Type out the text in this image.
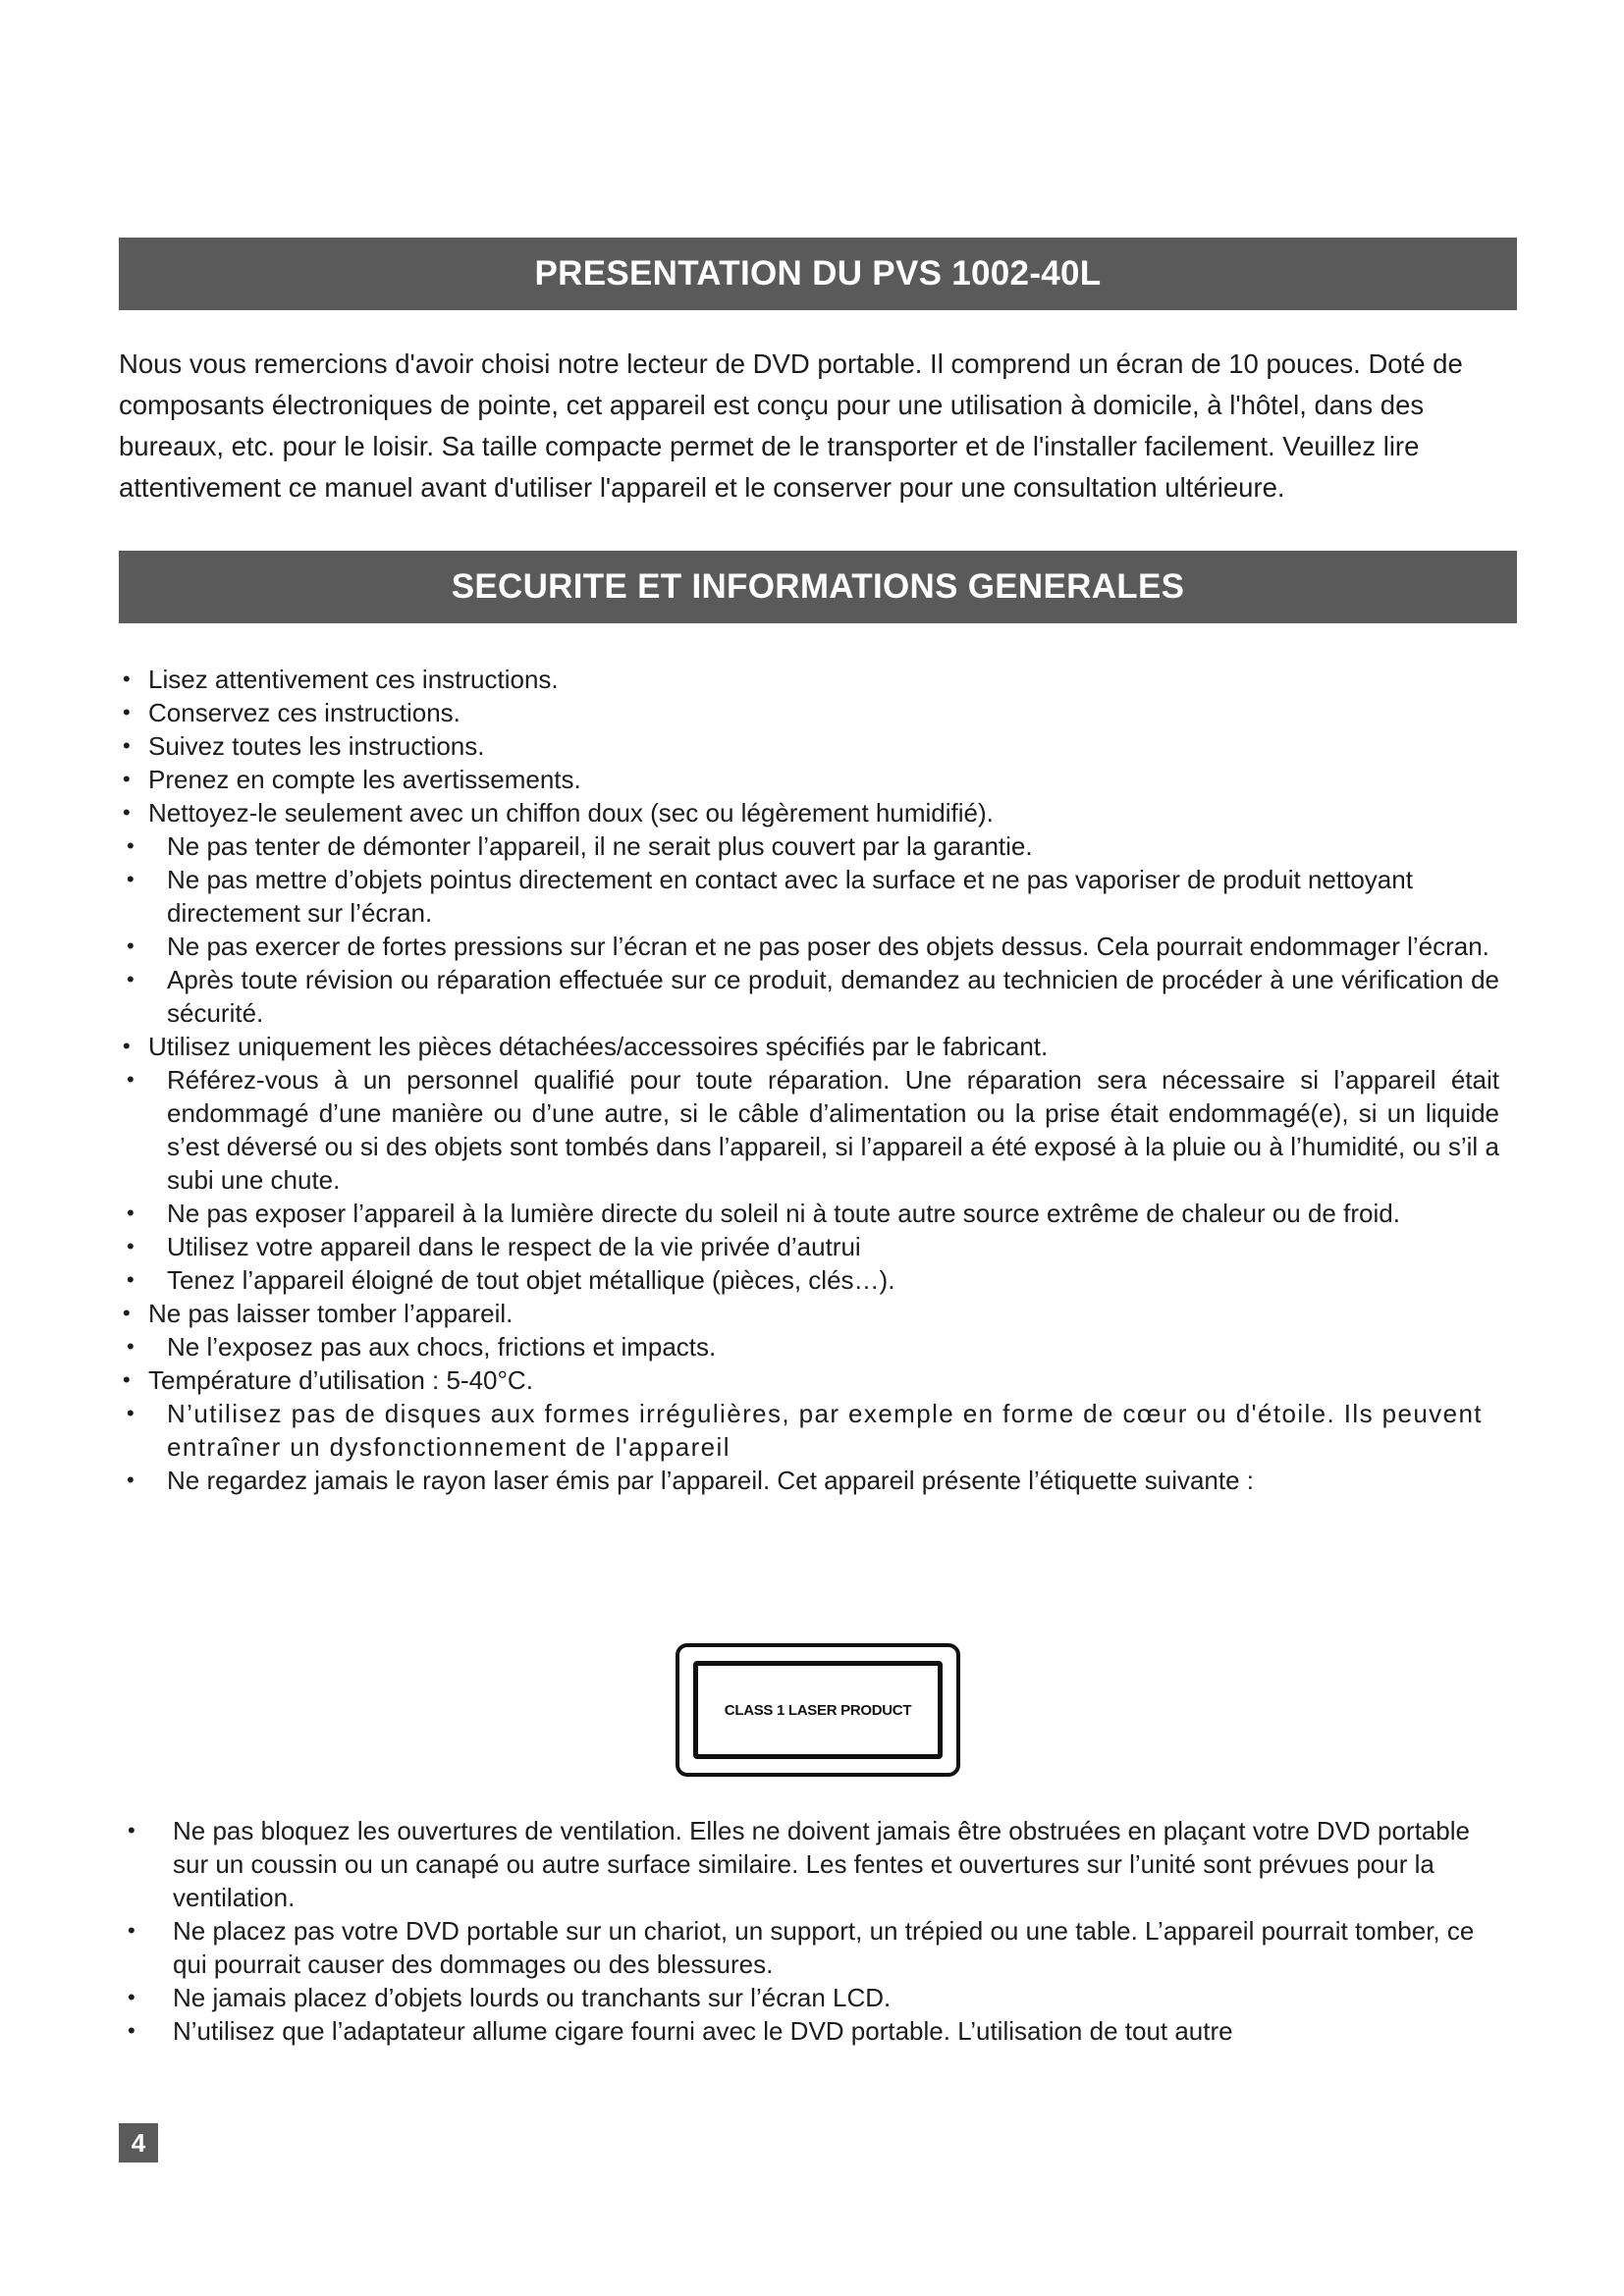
PRESENTATION DU PVS 1002-40L

Nous vous remercions d'avoir choisi notre lecteur de DVD portable. Il comprend un écran de 10 pouces. Doté de composants électroniques de pointe, cet appareil est conçu pour une utilisation à domicile, à l'hôtel, dans des bureaux, etc. pour le loisir. Sa taille compacte permet de le transporter et de l'installer facilement. Veuillez lire attentivement ce manuel avant d'utiliser l'appareil et le conserver pour une consultation ultérieure.

SECURITE ET INFORMATIONS GENERALES
• Lisez attentivement ces instructions.
• Conservez ces instructions.
• Suivez toutes les instructions.
• Prenez en compte les avertissements.
• Nettoyez-le seulement avec un chiffon doux (sec ou légèrement humidifié).
• Ne pas tenter de démonter l’appareil, il ne serait plus couvert par la garantie.
• Ne pas mettre d’objets pointus directement en contact avec la surface et ne pas vaporiser de produit nettoyant directement sur l’écran.
• Ne pas exercer de fortes pressions sur l’écran et ne pas poser des objets dessus. Cela pourrait endommager l’écran.
• Après toute révision ou réparation effectuée sur ce produit, demandez au technicien de procéder à une vérification de sécurité.
• Utilisez uniquement les pièces détachées/accessoires spécifiés par le fabricant.
• Référez-vous à un personnel qualifié pour toute réparation. Une réparation sera nécessaire si l’appareil était endommagé d’une manière ou d’une autre, si le câble d’alimentation ou la prise était endommagé(e), si un liquide s’est déversé ou si des objets sont tombés dans l’appareil, si l’appareil a été exposé à la pluie ou à l’humidité, ou s’il a subi une chute.
• Ne pas exposer l’appareil à la lumière directe du soleil ni à toute autre source extrême de chaleur ou de froid.
• Utilisez votre appareil dans le respect de la vie privée d’autrui
• Tenez l’appareil éloigné de tout objet métallique (pièces, clés…).
• Ne pas laisser tomber l’appareil.
• Ne l’exposez pas aux chocs, frictions et impacts.
• Température d’utilisation : 5-40°C.
• N’utilisez pas de disques aux formes irrégulières, par exemple en forme de cœur ou d'étoile. Ils peuvent entraîner un dysfonctionnement de l'appareil
• Ne regardez jamais le rayon laser émis par l’appareil. Cet appareil présente l’étiquette suivante :
CLASS 1 LASER PRODUCT
• Ne pas bloquez les ouvertures de ventilation. Elles ne doivent jamais être obstruées en plaçant votre DVD portable sur un coussin ou un canapé ou autre surface similaire. Les fentes et ouvertures sur l’unité sont prévues pour la ventilation.
• Ne placez pas votre DVD portable sur un chariot, un support, un trépied ou une table. L’appareil pourrait tomber, ce qui pourrait causer des dommages ou des blessures.
• Ne jamais placez d’objets lourds ou tranchants sur l’écran LCD.
• N’utilisez que l’adaptateur allume cigare fourni avec le DVD portable. L’utilisation de tout autre
4
